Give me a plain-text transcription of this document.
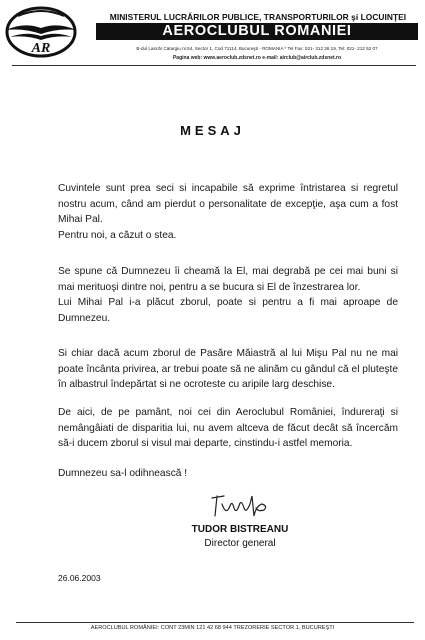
AR
MINISTERUL LUCRĂRILOR PUBLICE, TRANSPORTURILOR şi LOCUINŢEI
AEROCLUBUL ROMANIEI
B-dul Lascăr Catargiu nr.54, Sector 1, Cod 71114, Bucureşti - ROMANIA * Tel Fax: 021- 312 36 19, Tel: 021- 212 52 07
Pagina web: www.aeroclub.zdsnet.ro e-mail: airclub@airclub.zdsnet.ro
MESAJ

Cuvintele sunt prea seci si incapabile să exprime întristarea si regretul nostru acum, când am pierdut o personalitate de excepţie, aşa cum a fost Mihai Pal.

Pentru noi, a căzut o stea.

Se spune că Dumnezeu îi cheamă la El, mai degrabă pe cei mai buni si mai merituoşi dintre noi, pentru a se bucura si El de înzestrarea lor.

Lui Mihai Pal i-a plăcut zborul, poate si pentru a fi mai aproape de Dumnezeu.

Si chiar dacă acum zborul de Pasăre Măiastră al lui Mişu Pal nu ne mai poate încânta privirea, ar trebui poate să ne alinăm cu gândul că el pluteşte în albastrul îndepărtat si ne ocroteste cu aripile larg deschise.

De aici, de pe pamânt, noi cei din Aeroclubul României, îndureraţi si nemângâiati de disparitia lui, nu avem altceva de făcut decât să încercăm să-i ducem zborul si visul mai departe, cinstindu-i astfel memoria.

Dumnezeu sa-l odihnească !

TUDOR BISTREANU
Director general
26.06.2003
AEROCLUBUL ROMÂNIEI: CONT 23MIN 121 42 68 944 TREZORERIE SECTOR 1, BUCUREŞTI
